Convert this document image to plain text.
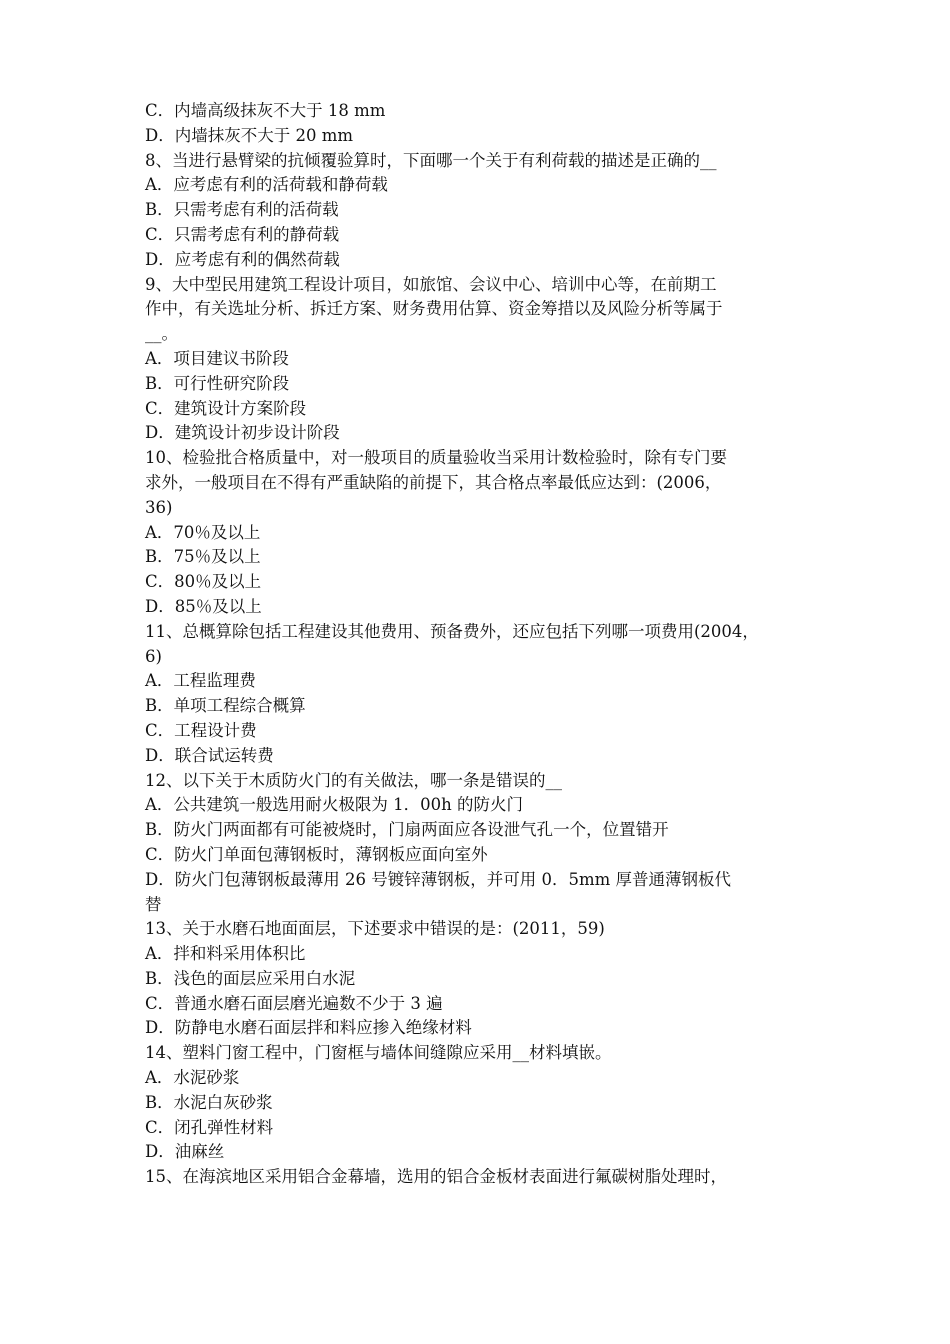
C．内墙高级抹灰不大于 18 mm
D．内墙抹灰不大于 20 mm
8、当进行悬臂梁的抗倾覆验算时，下面哪一个关于有利荷载的描述是正确的__
A．应考虑有利的活荷载和静荷载
B．只需考虑有利的活荷载
C．只需考虑有利的静荷载
D．应考虑有利的偶然荷载
9、大中型民用建筑工程设计项目，如旅馆、会议中心、培训中心等，在前期工
作中，有关选址分析、拆迁方案、财务费用估算、资金筹措以及风险分析等属于
__。
A．项目建议书阶段
B．可行性研究阶段
C．建筑设计方案阶段
D．建筑设计初步设计阶段
10、检验批合格质量中，对一般项目的质量验收当采用计数检验时，除有专门要
求外，一般项目在不得有严重缺陷的前提下，其合格点率最低应达到：(2006，
36)
A．70％及以上
B．75％及以上
C．80％及以上
D．85％及以上
11、总概算除包括工程建设其他费用、预备费外，还应包括下列哪一项费用(2004，
6)
A．工程监理费
B．单项工程综合概算
C．工程设计费
D．联合试运转费
12、以下关于木质防火门的有关做法，哪一条是错误的__
A．公共建筑一般选用耐火极限为 1．00h 的防火门
B．防火门两面都有可能被烧时，门扇两面应各设泄气孔一个，位置错开
C．防火门单面包薄钢板时，薄钢板应面向室外
D．防火门包薄钢板最薄用 26 号镀锌薄钢板，并可用 0．5mm 厚普通薄钢板代
替
13、关于水磨石地面面层，下述要求中错误的是：(2011，59)
A．拌和料采用体积比
B．浅色的面层应采用白水泥
C．普通水磨石面层磨光遍数不少于 3 遍
D．防静电水磨石面层拌和料应掺入绝缘材料
14、塑料门窗工程中，门窗框与墙体间缝隙应采用__材料填嵌。
A．水泥砂浆
B．水泥白灰砂浆
C．闭孔弹性材料
D．油麻丝
15、在海滨地区采用铝合金幕墙，选用的铝合金板材表面进行氟碳树脂处理时，
